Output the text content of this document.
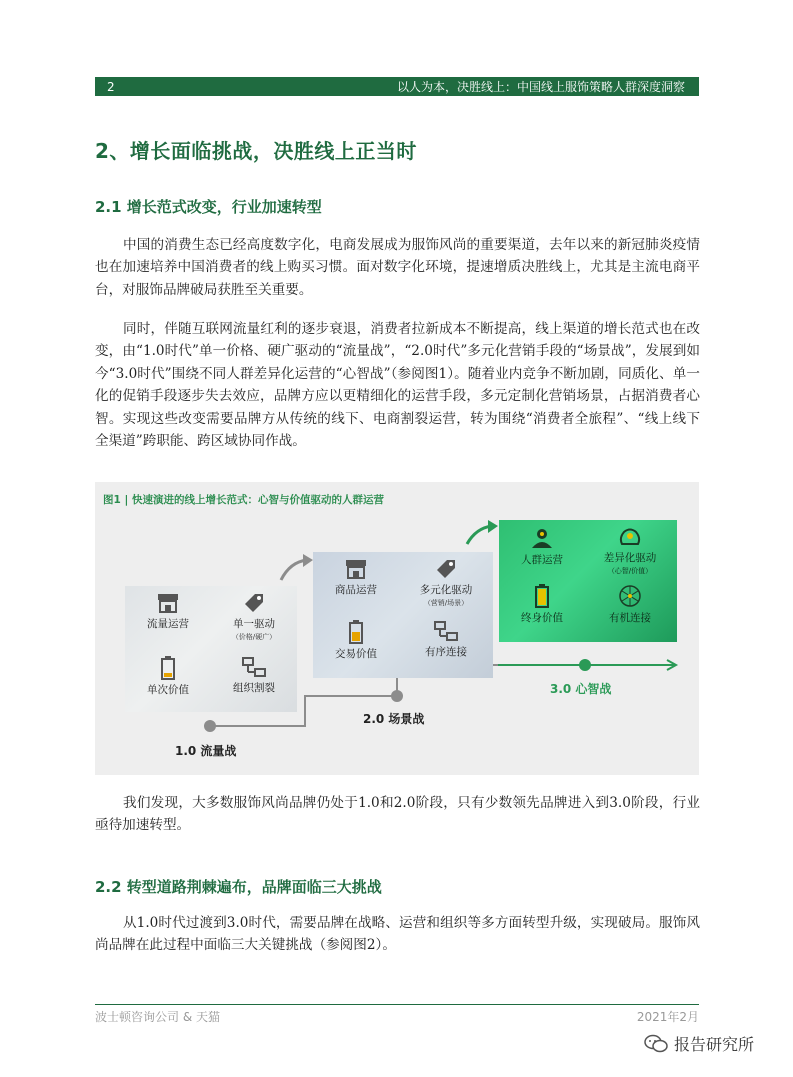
2	以人为本，决胜线上：中国线上服饰策略人群深度洞察
2、增长面临挑战，决胜线上正当时
2.1 增长范式改变，行业加速转型

中国的消费生态已经高度数字化，电商发展成为服饰风尚的重要渠道，去年以来的新冠肺炎疫情也在加速培养中国消费者的线上购买习惯。面对数字化环境，提速增质决胜线上，尤其是主流电商平台，对服饰品牌破局获胜至关重要。

同时，伴随互联网流量红利的逐步衰退，消费者拉新成本不断提高，线上渠道的增长范式也在改变，由“1.0时代”单一价格、硬广驱动的“流量战”，“2.0时代”多元化营销手段的“场景战”，发展到如今“3.0时代”围绕不同人群差异化运营的“心智战”（参阅图1）。随着业内竞争不断加剧，同质化、单一化的促销手段逐步失去效应，品牌方应以更精细化的运营手段，多元定制化营销场景，占据消费者心智。实现这些改变需要品牌方从传统的线下、电商割裂运营，转为围绕“消费者全旅程”、“线上线下全渠道”跨职能、跨区域协同作战。

图1 | 快速演进的线上增长范式：心智与价值驱动的人群运营
流量运营	单一驱动
（价格/硬广）
单次价值	组织割裂
商品运营	多元化驱动
（营销/场景）
交易价值	有序连接
人群运营	差异化驱动
（心智/价值）
终身价值	有机连接
1.0 流量战
2.0 场景战
3.0 心智战

我们发现，大多数服饰风尚品牌仍处于1.0和2.0阶段，只有少数领先品牌进入到3.0阶段，行业亟待加速转型。

2.2 转型道路荆棘遍布，品牌面临三大挑战

从1.0时代过渡到3.0时代，需要品牌在战略、运营和组织等多方面转型升级，实现破局。服饰风尚品牌在此过程中面临三大关键挑战（参阅图2）。

波士顿咨询公司 & 天猫	2021年2月
报告研究所
